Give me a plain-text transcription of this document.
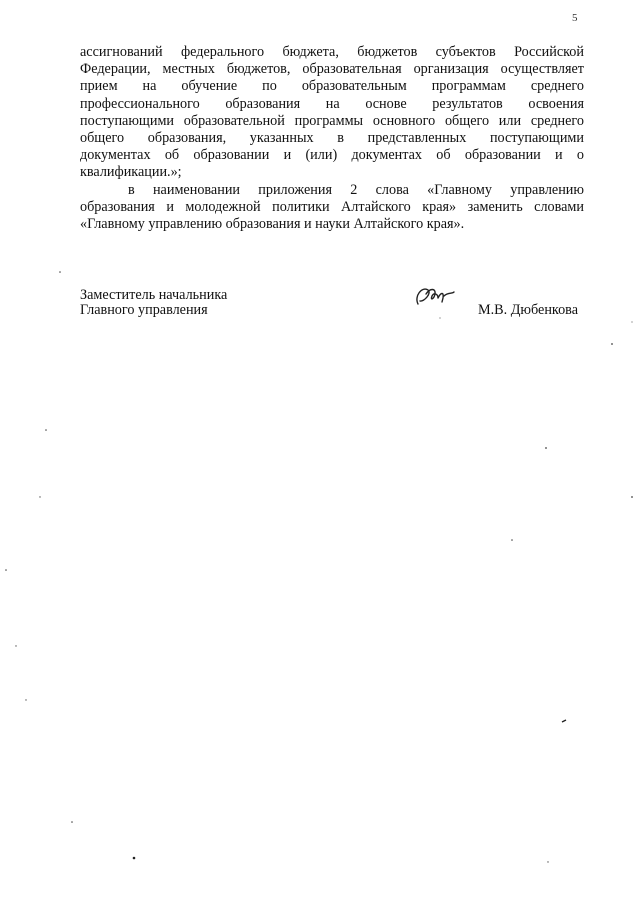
5
ассигнований федерального бюджета, бюджетов субъектов Российской
Федерации, местных бюджетов, образовательная организация осуществляет
прием на обучение по образовательным программам среднего
профессионального образования на основе результатов освоения
поступающими образовательной программы основного общего или среднего
общего образования, указанных в представленных поступающими
документах об образовании и (или) документах об образовании и о
квалификации.»;
в наименовании приложения 2 слова «Главному управлению
образования и молодежной политики Алтайского края» заменить словами
«Главному управлению образования и науки Алтайского края».
Заместитель начальника
Главного управления	М.В. Дюбенкова
